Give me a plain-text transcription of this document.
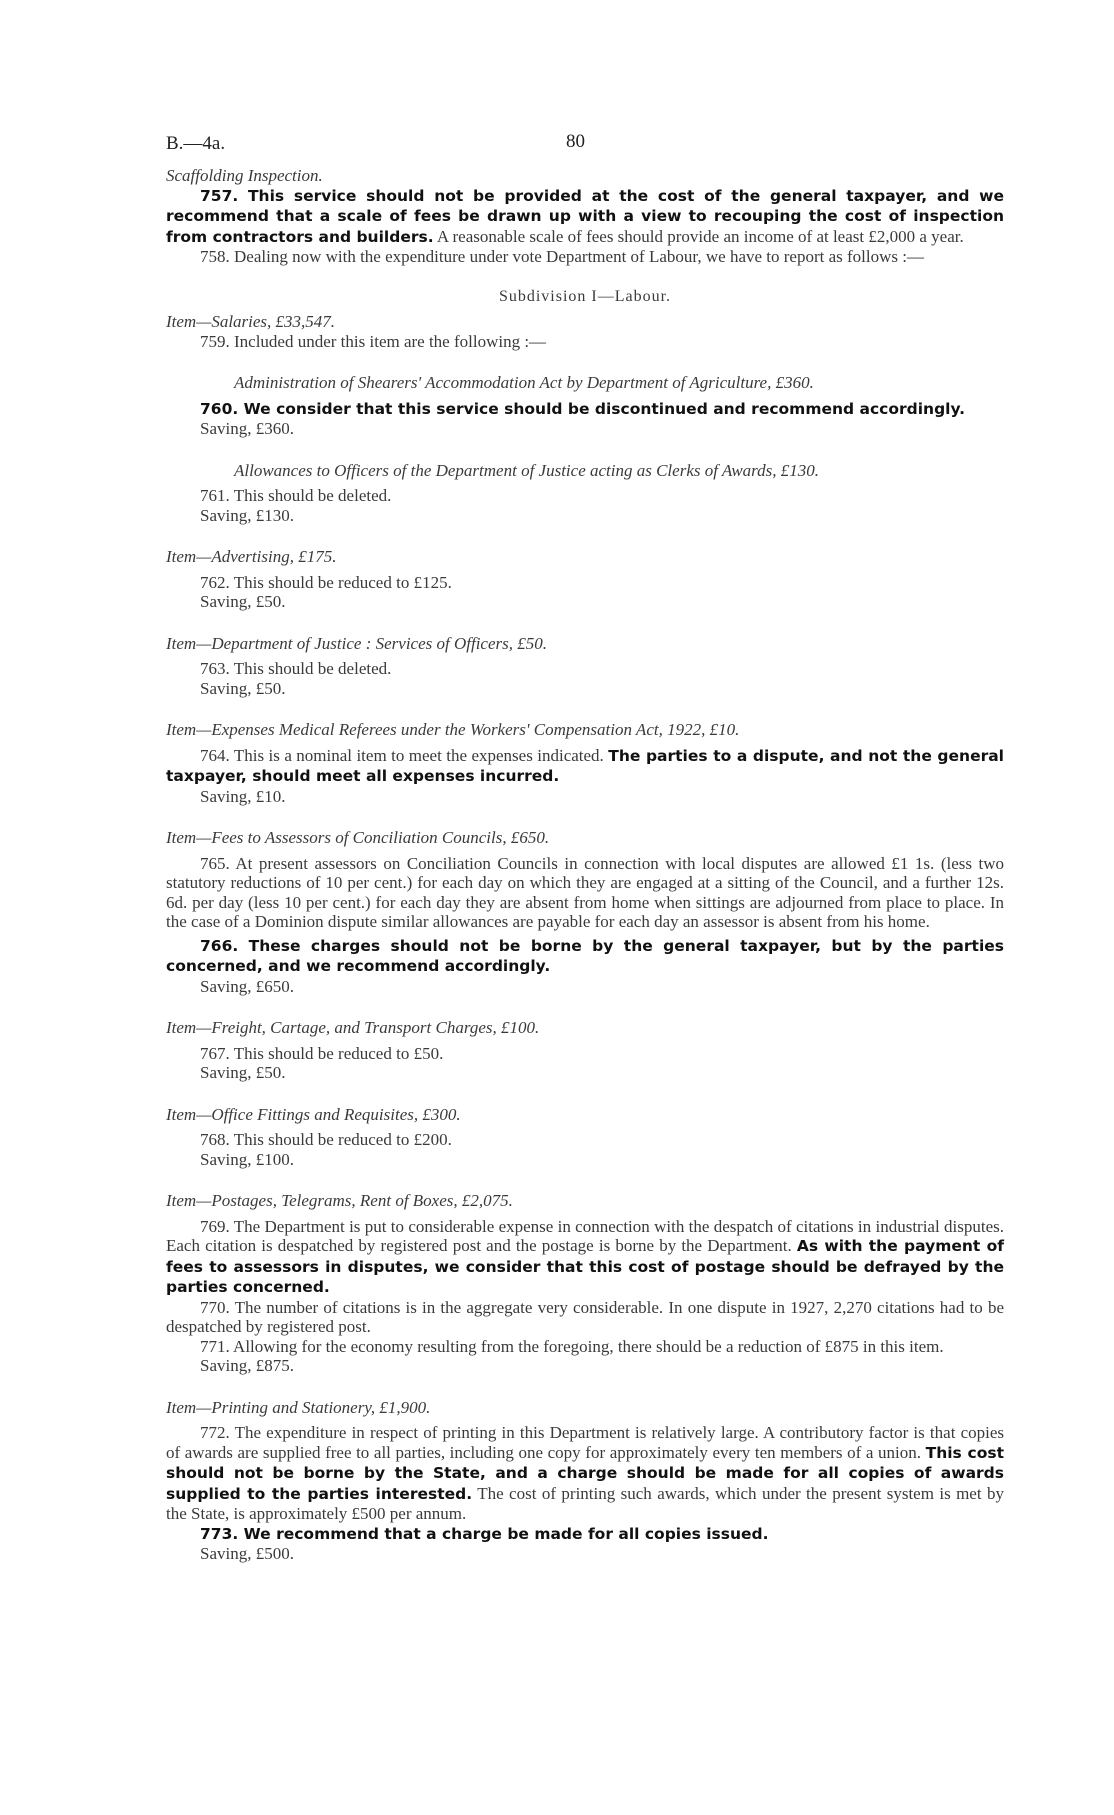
B.—4a.	80

Scaffolding Inspection.

757. This service should not be provided at the cost of the general taxpayer, and we recommend that a scale of fees be drawn up with a view to recouping the cost of inspection from contractors and builders. A reasonable scale of fees should provide an income of at least £2,000 a year.

758. Dealing now with the expenditure under vote Department of Labour, we have to report as follows :—

Subdivision I—Labour.

Item—Salaries, £33,547.

759. Included under this item are the following :—

Administration of Shearers' Accommodation Act by Department of Agriculture, £360.

760. We consider that this service should be discontinued and recommend accordingly.

Saving, £360.

Allowances to Officers of the Department of Justice acting as Clerks of Awards, £130.

761. This should be deleted.

Saving, £130.

Item—Advertising, £175.

762. This should be reduced to £125.

Saving, £50.

Item—Department of Justice : Services of Officers, £50.

763. This should be deleted.

Saving, £50.

Item—Expenses Medical Referees under the Workers' Compensation Act, 1922, £10.

764. This is a nominal item to meet the expenses indicated. The parties to a dispute, and not the general taxpayer, should meet all expenses incurred.

Saving, £10.

Item—Fees to Assessors of Conciliation Councils, £650.

765. At present assessors on Conciliation Councils in connection with local disputes are allowed £1 1s. (less two statutory reductions of 10 per cent.) for each day on which they are engaged at a sitting of the Council, and a further 12s. 6d. per day (less 10 per cent.) for each day they are absent from home when sittings are adjourned from place to place. In the case of a Dominion dispute similar allowances are payable for each day an assessor is absent from his home.

766. These charges should not be borne by the general taxpayer, but by the parties concerned, and we recommend accordingly.

Saving, £650.

Item—Freight, Cartage, and Transport Charges, £100.

767. This should be reduced to £50.

Saving, £50.

Item—Office Fittings and Requisites, £300.

768. This should be reduced to £200.

Saving, £100.

Item—Postages, Telegrams, Rent of Boxes, £2,075.

769. The Department is put to considerable expense in connection with the despatch of citations in industrial disputes. Each citation is despatched by registered post and the postage is borne by the Department. As with the payment of fees to assessors in disputes, we consider that this cost of postage should be defrayed by the parties concerned.

770. The number of citations is in the aggregate very considerable. In one dispute in 1927, 2,270 citations had to be despatched by registered post.

771. Allowing for the economy resulting from the foregoing, there should be a reduction of £875 in this item.

Saving, £875.

Item—Printing and Stationery, £1,900.

772. The expenditure in respect of printing in this Department is relatively large. A contributory factor is that copies of awards are supplied free to all parties, including one copy for approximately every ten members of a union. This cost should not be borne by the State, and a charge should be made for all copies of awards supplied to the parties interested. The cost of printing such awards, which under the present system is met by the State, is approximately £500 per annum.

773. We recommend that a charge be made for all copies issued.

Saving, £500.
